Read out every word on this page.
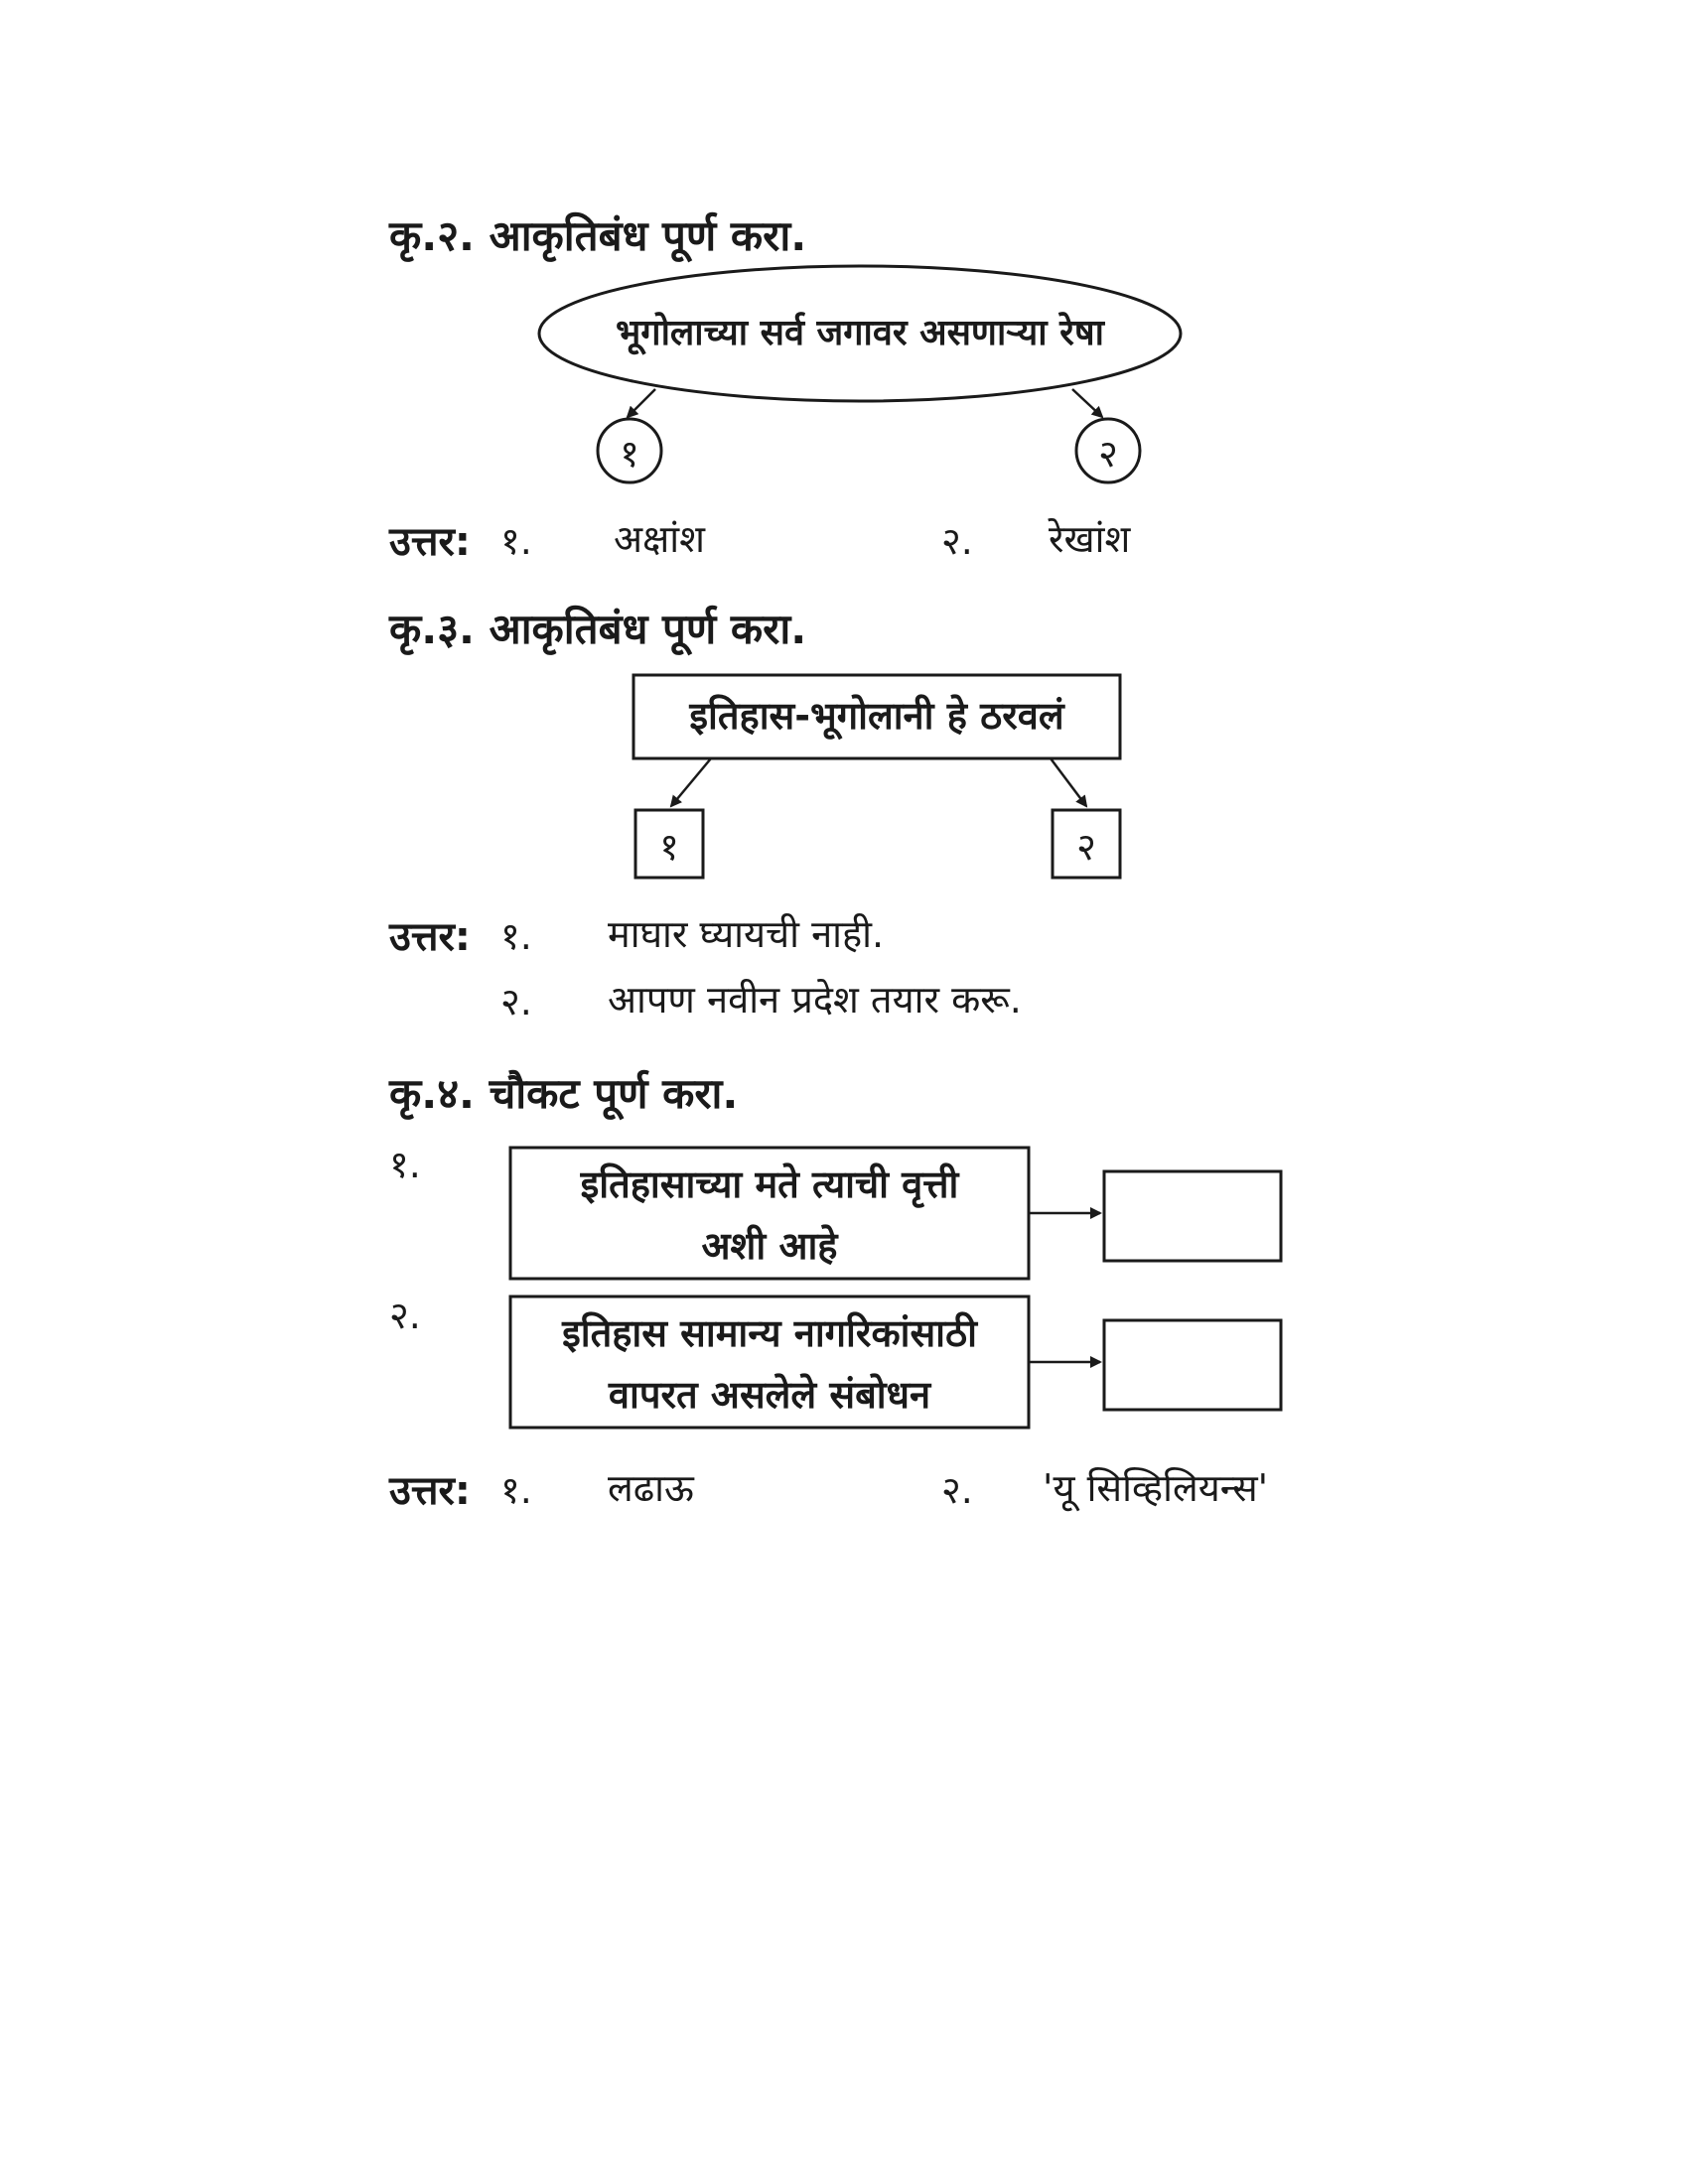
कृ.२. आकृतिबंध पूर्ण करा.
भूगोलाच्या सर्व जगावर असणाऱ्या रेषा
१	२
उत्तर: १. अक्षांश	२. रेखांश
कृ.३. आकृतिबंध पूर्ण करा.
इतिहास-भूगोलानी हे ठरवलं
१	२
उत्तर: १. माघार घ्यायची नाही.
२. आपण नवीन प्रदेश तयार करू.
कृ.४. चौकट पूर्ण करा.
१.	इतिहासाच्या मते त्याची वृत्ती
अशी आहे
२.	इतिहास सामान्य नागरिकांसाठी
वापरत असलेले संबोधन
उत्तर: १. लढाऊ	२. 'यू सिव्हिलियन्स'
